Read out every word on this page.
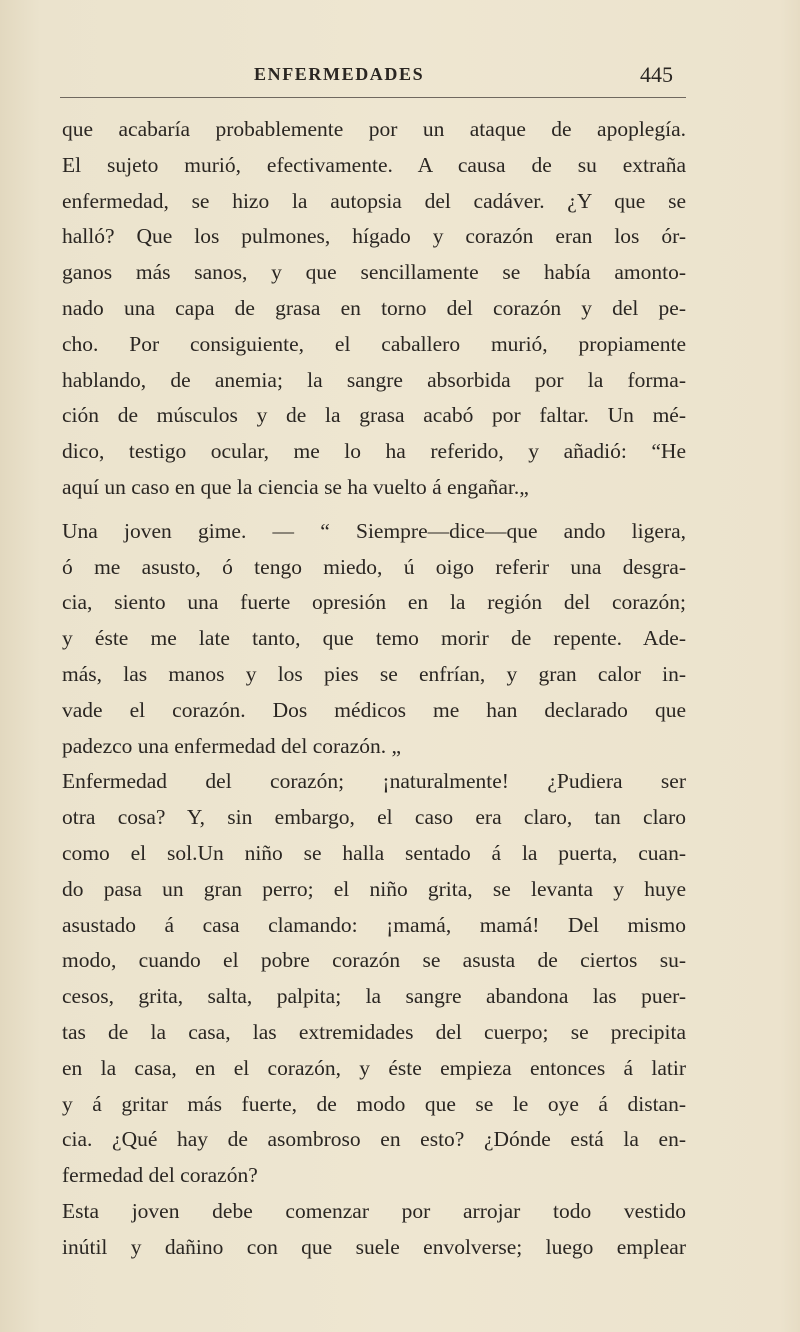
ENFERMEDADES	445
que acabaría probablemente por un ataque de apoplegía.
El sujeto murió, efectivamente. A causa de su extraña
enfermedad, se hizo la autopsia del cadáver. ¿Y que se
halló? Que los pulmones, hígado y corazón eran los ór-
ganos más sanos, y que sencillamente se había amonto-
nado una capa de grasa en torno del corazón y del pe-
cho. Por consiguiente, el caballero murió, propiamente
hablando, de anemia; la sangre absorbida por la forma-
ción de músculos y de la grasa acabó por faltar. Un mé-
dico, testigo ocular, me lo ha referido, y añadió: “He
aquí un caso en que la ciencia se ha vuelto á engañar.„
Una joven gime. — “ Siempre—dice—que ando ligera,
ó me asusto, ó tengo miedo, ú oigo referir una desgra-
cia, siento una fuerte opresión en la región del corazón;
y éste me late tanto, que temo morir de repente. Ade-
más, las manos y los pies se enfrían, y gran calor in-
vade el corazón. Dos médicos me han declarado que
padezco una enfermedad del corazón. „
Enfermedad del corazón; ¡naturalmente! ¿Pudiera ser
otra cosa? Y, sin embargo, el caso era claro, tan claro
como el sol.Un niño se halla sentado á la puerta, cuan-
do pasa un gran perro; el niño grita, se levanta y huye
asustado á casa clamando: ¡mamá, mamá! Del mismo
modo, cuando el pobre corazón se asusta de ciertos su-
cesos, grita, salta, palpita; la sangre abandona las puer-
tas de la casa, las extremidades del cuerpo; se precipita
en la casa, en el corazón, y éste empieza entonces á latir
y á gritar más fuerte, de modo que se le oye á distan-
cia. ¿Qué hay de asombroso en esto? ¿Dónde está la en-
fermedad del corazón?
Esta joven debe comenzar por arrojar todo vestido
inútil y dañino con que suele envolverse; luego emplear
